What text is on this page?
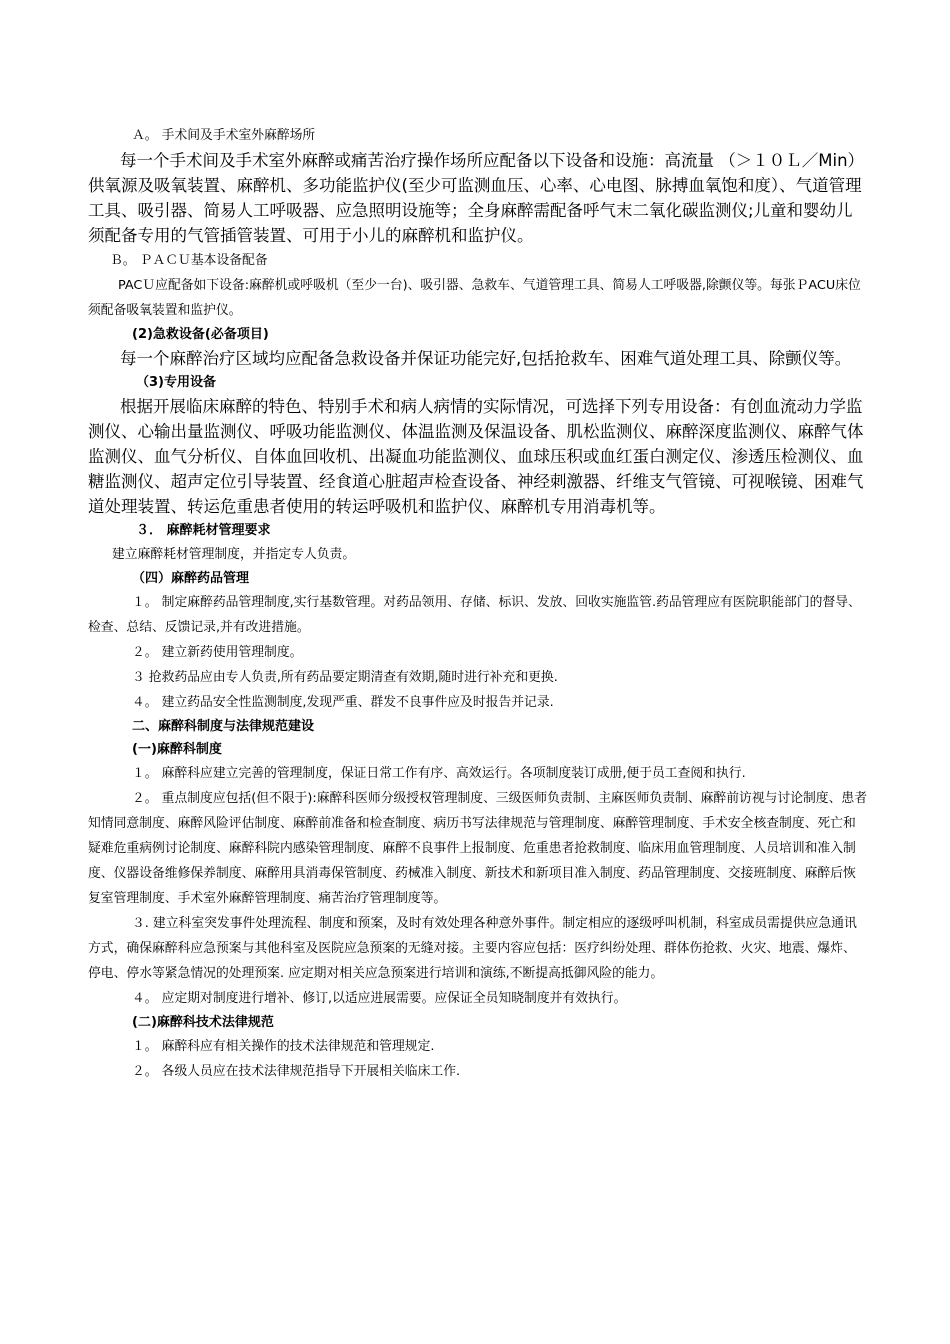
Ａ。 手术间及手术室外麻醉场所

每一个手术间及手术室外麻醉或痛苦治疗操作场所应配备以下设备和设施：高流量 （＞１０Ｌ／Min）供氧源及吸氧装置、麻醉机、多功能监护仪(至少可监测血压、心率、心电图、脉搏血氧饱和度）、气道管理工具、吸引器、简易人工呼吸器、应急照明设施等；全身麻醉需配备呼气末二氧化碳监测仪;儿童和婴幼儿须配备专用的气管插管装置、可用于小儿的麻醉机和监护仪。

Ｂ。 ＰＡＣＵ基本设备配备

PACＵ应配备如下设备:麻醉机或呼吸机（至少一台)、吸引器、急救车、气道管理工具、简易人工呼吸器,除颤仪等。每张ＰACU床位须配备吸氧装置和监护仪。

(2)急救设备(必备项目)

每一个麻醉治疗区域均应配备急救设备并保证功能完好,包括抢救车、困难气道处理工具、除颤仪等。

（3)专用设备

根据开展临床麻醉的特色、特别手术和病人病情的实际情况，可选择下列专用设备：有创血流动力学监测仪、心输出量监测仪、呼吸功能监测仪、体温监测及保温设备、肌松监测仪、麻醉深度监测仪、麻醉气体监测仪、血气分析仪、自体血回收机、出凝血功能监测仪、血球压积或血红蛋白测定仪、渗透压检测仪、血糖监测仪、超声定位引导装置、经食道心脏超声检查设备、神经刺激器、纤维支气管镜、可视喉镜、困难气道处理装置、转运危重患者使用的转运呼吸机和监护仪、麻醉机专用消毒机等。

３． 麻醉耗材管理要求

建立麻醉耗材管理制度，并指定专人负责。

（四）麻醉药品管理

１。 制定麻醉药品管理制度,实行基数管理。对药品领用、存储、标识、发放、回收实施监管.药品管理应有医院职能部门的督导、检查、总结、反馈记录,并有改进措施。

２。 建立新药使用管理制度。

３ 抢救药品应由专人负责,所有药品要定期清查有效期,随时进行补充和更换.

４。 建立药品安全性监测制度,发现严重、群发不良事件应及时报告并记录.

二、麻醉科制度与法律规范建设

(一)麻醉科制度

１。 麻醉科应建立完善的管理制度，保证日常工作有序、高效运行。各项制度装订成册,便于员工查阅和执行.

２。 重点制度应包括(但不限于):麻醉科医师分级授权管理制度、三级医师负责制、主麻医师负责制、麻醉前访视与讨论制度、患者知情同意制度、麻醉风险评估制度、麻醉前准备和检查制度、病历书写法律规范与管理制度、麻醉管理制度、手术安全核查制度、死亡和疑难危重病例讨论制度、麻醉科院内感染管理制度、麻醉不良事件上报制度、危重患者抢救制度、临床用血管理制度、人员培训和准入制度、仪器设备维修保养制度、麻醉用具消毒保管制度、药械准入制度、新技术和新项目准入制度、药品管理制度、交接班制度、麻醉后恢复室管理制度、手术室外麻醉管理制度、痛苦治疗管理制度等。

３. 建立科室突发事件处理流程、制度和预案，及时有效处理各种意外事件。制定相应的逐级呼叫机制，科室成员需提供应急通讯方式，确保麻醉科应急预案与其他科室及医院应急预案的无缝对接。主要内容应包括：医疗纠纷处理、群体伤抢救、火灾、地震、爆炸、停电、停水等紧急情况的处理预案. 应定期对相关应急预案进行培训和演练,不断提高抵御风险的能力。

４。 应定期对制度进行增补、修订,以适应进展需要。应保证全员知晓制度并有效执行。

(二)麻醉科技术法律规范

１。 麻醉科应有相关操作的技术法律规范和管理规定.

２。 各级人员应在技术法律规范指导下开展相关临床工作.
